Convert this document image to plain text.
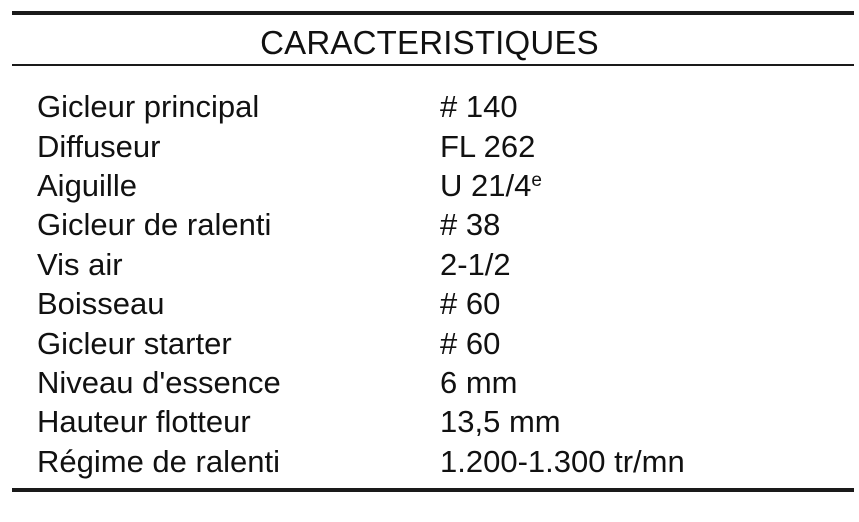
CARACTERISTIQUES
Gicleur principal	# 140
Diffuseur	FL 262
Aiguille	U 21/4e
Gicleur de ralenti	# 38
Vis air	2-1/2
Boisseau	# 60
Gicleur starter	# 60
Niveau d'essence	6 mm
Hauteur flotteur	13,5 mm
Régime de ralenti	1.200-1.300 tr/mn
